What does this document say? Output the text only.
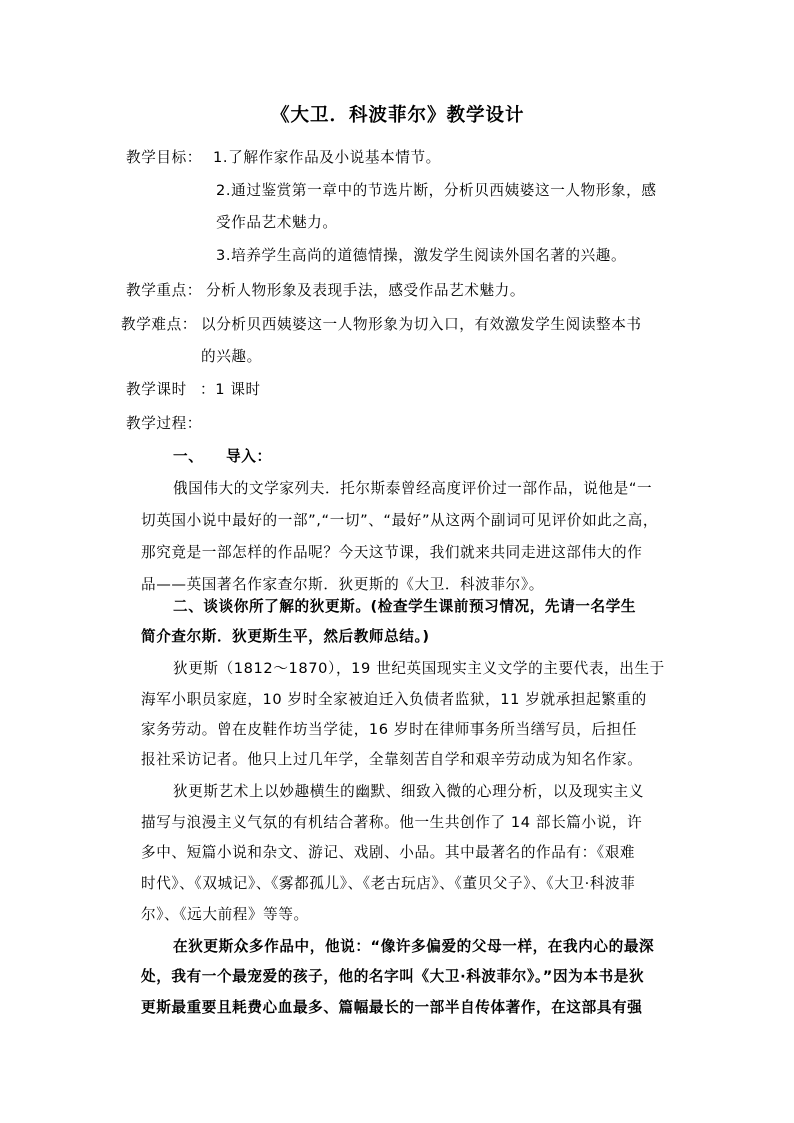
《大卫．科波菲尔》教学设计
教学目标： 1.了解作家作品及小说基本情节。
2.通过鉴赏第一章中的节选片断，分析贝西姨婆这一人物形象，感
受作品艺术魅力。
3.培养学生高尚的道德情操，激发学生阅读外国名著的兴趣。
教学重点： 分析人物形象及表现手法，感受作品艺术魅力。
教学难点： 以分析贝西姨婆这一人物形象为切入口，有效激发学生阅读整本书
的兴趣。
教学课时 ：1 课时
教学过程：
一、    导入：
俄国伟大的文学家列夫．托尔斯泰曾经高度评价过一部作品，说他是“一
切英国小说中最好的一部”,“一切”、“最好”从这两个副词可见评价如此之高，
那究竟是一部怎样的作品呢？今天这节课，我们就来共同走进这部伟大的作
品——英国著名作家查尔斯．狄更斯的《大卫．科波菲尔》。
二、谈谈你所了解的狄更斯。(检查学生课前预习情况，先请一名学生
简介查尔斯．狄更斯生平，然后教师总结。)
狄更斯（1812～1870），19 世纪英国现实主义文学的主要代表，出生于
海军小职员家庭，10 岁时全家被迫迁入负债者监狱，11 岁就承担起繁重的
家务劳动。曾在皮鞋作坊当学徒，16 岁时在律师事务所当缮写员，后担任
报社采访记者。他只上过几年学，全靠刻苦自学和艰辛劳动成为知名作家。
狄更斯艺术上以妙趣横生的幽默、细致入微的心理分析，以及现实主义
描写与浪漫主义气氛的有机结合著称。他一生共创作了 14 部长篇小说，许
多中、短篇小说和杂文、游记、戏剧、小品。其中最著名的作品有：《艰难
时代》、《双城记》、《雾都孤儿》、《老古玩店》、《董贝父子》、《大卫·科波菲
尔》、《远大前程》等等。
在狄更斯众多作品中，他说：“像许多偏爱的父母一样，在我内心的最深
处，我有一个最宠爱的孩子，他的名字叫《大卫·科波菲尔》。”因为本书是狄
更斯最重要且耗费心血最多、篇幅最长的一部半自传体著作，在这部具有强
